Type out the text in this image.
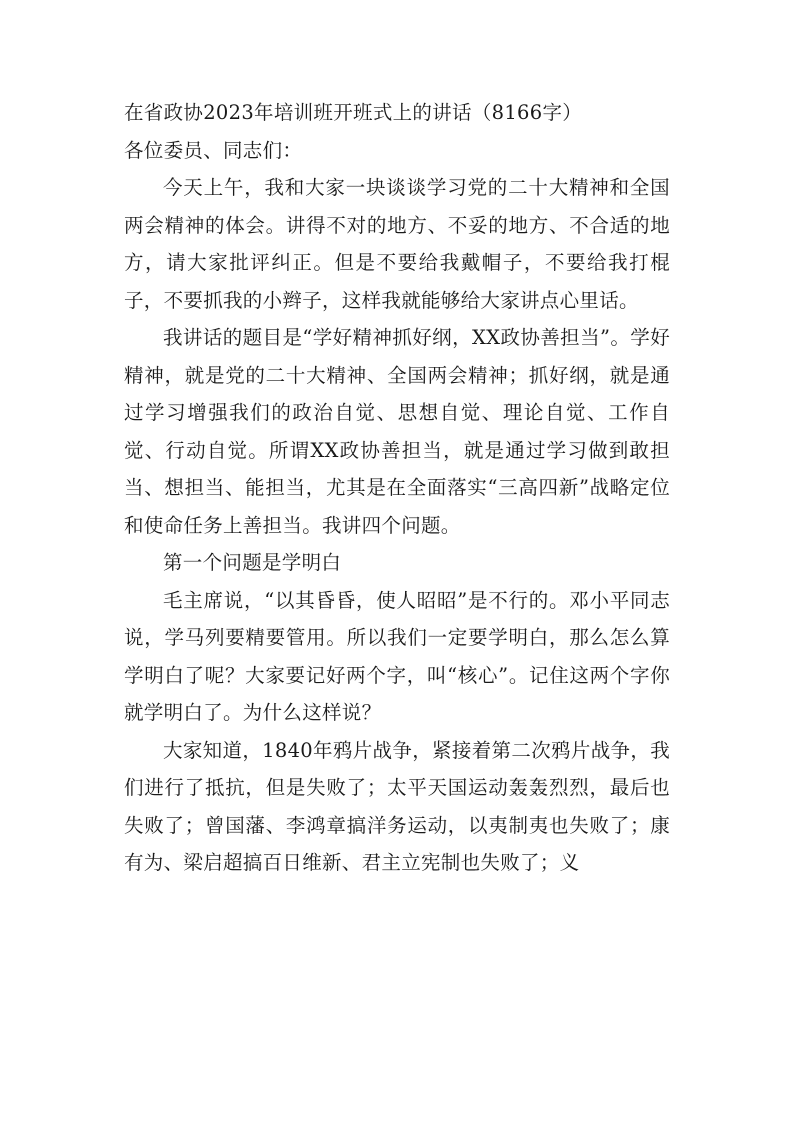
在省政协2023年培训班开班式上的讲话（8166字）

各位委员、同志们：

今天上午，我和大家一块谈谈学习党的二十大精神和全国两会精神的体会。讲得不对的地方、不妥的地方、不合适的地方，请大家批评纠正。但是不要给我戴帽子，不要给我打棍子，不要抓我的小辫子，这样我就能够给大家讲点心里话。

我讲话的题目是“学好精神抓好纲，XX政协善担当”。学好精神，就是党的二十大精神、全国两会精神；抓好纲，就是通过学习增强我们的政治自觉、思想自觉、理论自觉、工作自觉、行动自觉。所谓XX政协善担当，就是通过学习做到敢担当、想担当、能担当，尤其是在全面落实“三高四新”战略定位和使命任务上善担当。我讲四个问题。

第一个问题是学明白

毛主席说，“以其昏昏，使人昭昭”是不行的。邓小平同志说，学马列要精要管用。所以我们一定要学明白，那么怎么算学明白了呢？大家要记好两个字，叫“核心”。记住这两个字你就学明白了。为什么这样说？

大家知道，1840年鸦片战争，紧接着第二次鸦片战争，我们进行了抵抗，但是失败了；太平天国运动轰轰烈烈，最后也失败了；曾国藩、李鸿章搞洋务运动，以夷制夷也失败了；康有为、梁启超搞百日维新、君主立宪制也失败了；义
